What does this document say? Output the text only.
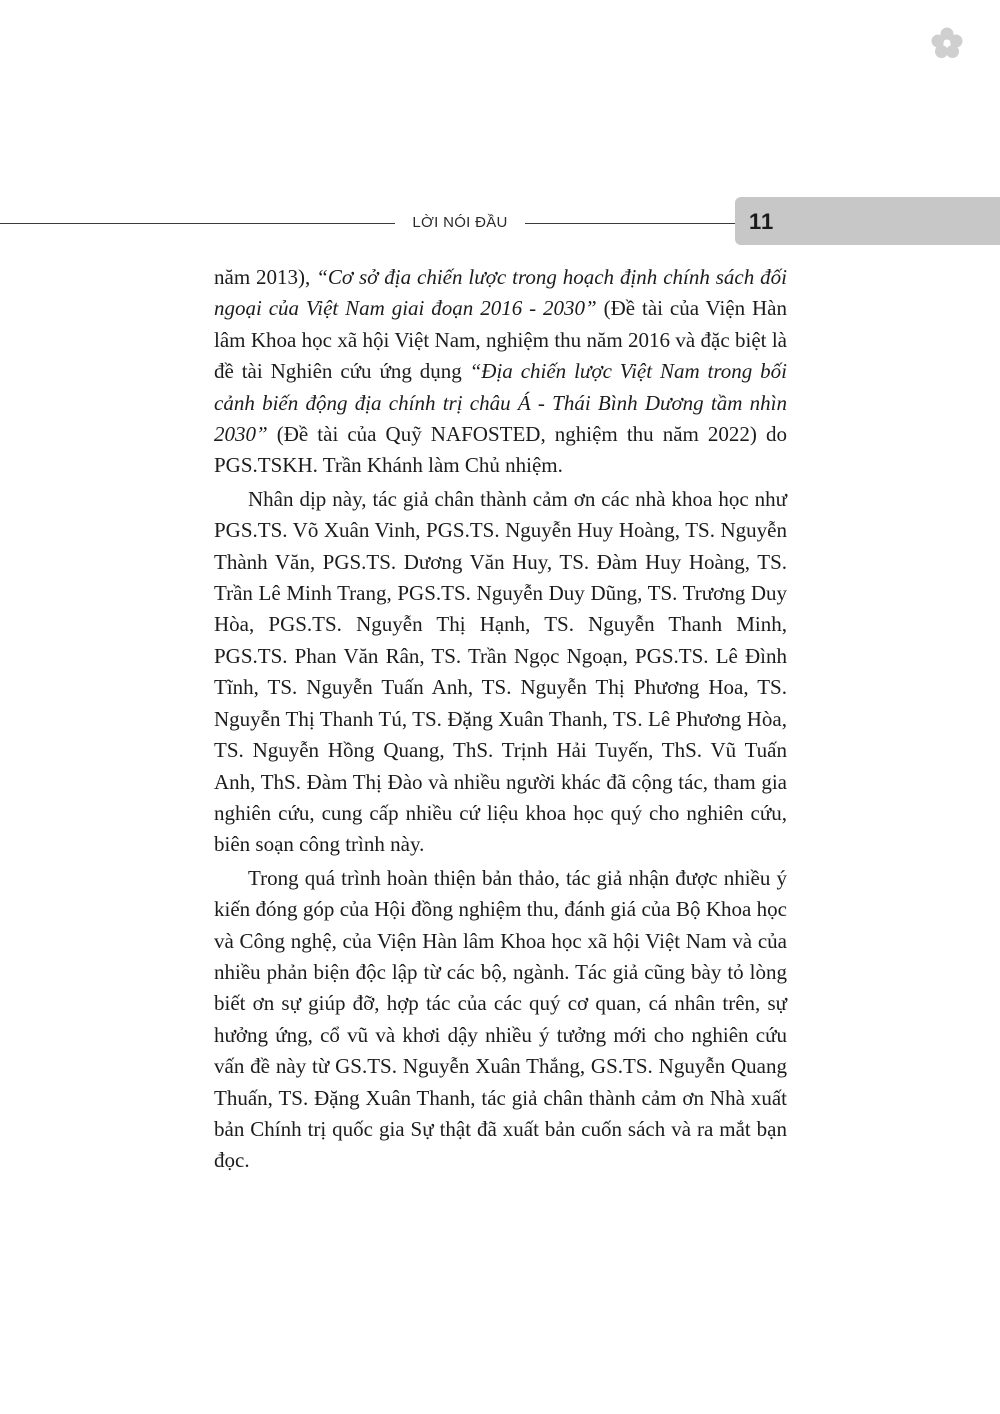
LỜI NÓI ĐẦU	11

năm 2013), “Cơ sở địa chiến lược trong hoạch định chính sách đối ngoại của Việt Nam giai đoạn 2016 - 2030” (Đề tài của Viện Hàn lâm Khoa học xã hội Việt Nam, nghiệm thu năm 2016 và đặc biệt là đề tài Nghiên cứu ứng dụng “Địa chiến lược Việt Nam trong bối cảnh biến động địa chính trị châu Á - Thái Bình Dương tầm nhìn 2030” (Đề tài của Quỹ NAFOSTED, nghiệm thu năm 2022) do PGS.TSKH. Trần Khánh làm Chủ nhiệm.

Nhân dịp này, tác giả chân thành cảm ơn các nhà khoa học như PGS.TS. Võ Xuân Vinh, PGS.TS. Nguyễn Huy Hoàng, TS. Nguyễn Thành Văn, PGS.TS. Dương Văn Huy, TS. Đàm Huy Hoàng, TS. Trần Lê Minh Trang, PGS.TS. Nguyễn Duy Dũng, TS. Trương Duy Hòa, PGS.TS. Nguyễn Thị Hạnh, TS. Nguyễn Thanh Minh, PGS.TS. Phan Văn Rân, TS. Trần Ngọc Ngoạn, PGS.TS. Lê Đình Tĩnh, TS. Nguyễn Tuấn Anh, TS. Nguyễn Thị Phương Hoa, TS. Nguyễn Thị Thanh Tú, TS. Đặng Xuân Thanh, TS. Lê Phương Hòa, TS. Nguyễn Hồng Quang, ThS. Trịnh Hải Tuyến, ThS. Vũ Tuấn Anh, ThS. Đàm Thị Đào và nhiều người khác đã cộng tác, tham gia nghiên cứu, cung cấp nhiều cứ liệu khoa học quý cho nghiên cứu, biên soạn công trình này.

Trong quá trình hoàn thiện bản thảo, tác giả nhận được nhiều ý kiến đóng góp của Hội đồng nghiệm thu, đánh giá của Bộ Khoa học và Công nghệ, của Viện Hàn lâm Khoa học xã hội Việt Nam và của nhiều phản biện độc lập từ các bộ, ngành. Tác giả cũng bày tỏ lòng biết ơn sự giúp đỡ, hợp tác của các quý cơ quan, cá nhân trên, sự hưởng ứng, cổ vũ và khơi dậy nhiều ý tưởng mới cho nghiên cứu vấn đề này từ GS.TS. Nguyễn Xuân Thắng, GS.TS. Nguyễn Quang Thuấn, TS. Đặng Xuân Thanh, tác giả chân thành cảm ơn Nhà xuất bản Chính trị quốc gia Sự thật đã xuất bản cuốn sách và ra mắt bạn đọc.
